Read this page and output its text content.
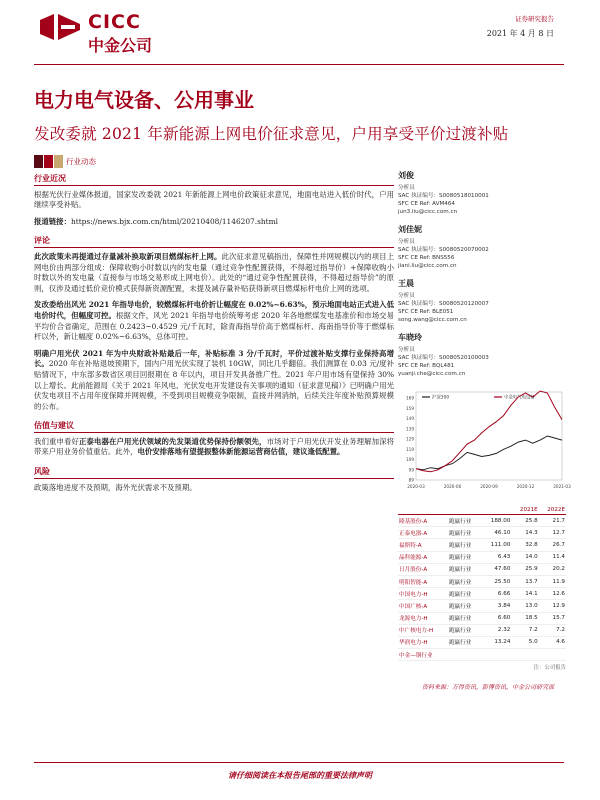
CICC
中金公司
证券研究报告
2021 年 4 月 8 日
电力电气设备、公用事业
发改委就 2021 年新能源上网电价征求意见，户用享受平价过渡补贴
行业动态
行业近况
根据光伏行业媒体报道，国家发改委就 2021 年新能源上网电价政策征求意见，地面电站进入低价时代，户用继续享受补贴。
报道链接：https://news.bjx.com.cn/html/20210408/1146207.shtml
评论
此次政策未再提通过存量减补换取新项目燃煤标杆上网。此次征求意见稿指出，保障性并网规模以内的项目上网电价由两部分组成：保障收购小时数以内的发电量（通过竞争性配置获得，不得超过指导价）+保障收购小时数以外的发电量（直接参与市场交易形成上网电价）。此处的“通过竞争性配置获得，不得超过指导价”的原则，仅涉及通过低价竞价模式获得新资源配置，未提及减存量补贴获得新项目燃煤标杆电价上网的选项。
发改委给出风光 2021 年指导电价，较燃煤标杆电价折让幅度在 0.02%~6.63%，预示地面电站正式进入低电价时代，但幅度可控。根据文件，风光 2021 年指导电价统筹考虑 2020 年各地燃煤发电基准价和市场交易平均价合省确定，范围在 0.2423~0.4529 元/千瓦时，除青海指导价高于燃煤标杆、海南指导价等于燃煤标杆以外，新让幅度 0.02%~6.63%，总体可控。
明确户用光伏 2021 年为中央财政补贴最后一年，补贴标准 3 分/千瓦时，平价过渡补贴支撑行业保持高增长。2020 年在补贴退坡预期下，国内户用光伏实现了装机 10GW，同比几乎翻倍。我们测算在 0.03 元/度补贴情况下，中东部多数省区项目回报期在 8 年以内，项目开发具备推广性。2021 年户用市场有望保持 30% 以上增长。此前能源局《关于 2021 年风电、光伏发电开发建设有关事项的通知（征求意见稿）》已明确户用光伏发电项目不占用年度保障并网规模，不受到项目规模竞争限制，直接并网消纳，后续关注年度补贴预算规模的公布。
估值与建议
我们重申看好正泰电器在户用光伏领域的先发渠道优势保持份额领先，市场对于户用光伏开发业务理解加深将带来户用业务价值重估。此外，电价安排落地有望提振整体新能源运营商估值，建议逢低配置。
风险
政策落地进度不及预期，海外光伏需求不及预期。
刘俊
分析员
SAC 执证编号：S0080518010001
SFC CE Ref: AVM464
jun3.liu@cicc.com.cn
刘佳妮
分析员
SAC 执证编号：S0080520070002
SFC CE Ref: BNS556
jiani.liu@cicc.com.cn
王晨
分析员
SAC 执证编号：S0080520120007
SFC CE Ref: BLE051
song.wang@cicc.com.cn
车晓玲
分析员
SAC 执证编号：S0080520100003
SFC CE Ref: BQL481
yuanji.che@cicc.com.cn
89
99
109
119
129
139
149
159
169
2020-03	2020-06	2020-09	2020-12	2021-03
沪深300	中金电气电设备
公司名称	评级	市值（亿元）	2021E	2022E
隆基股份-A	跑赢行业	188.00	25.8	21.7
正泰电器-A	跑赢行业	46.10	14.3	12.7
福斯特-A	跑赢行业	111.00	32.8	26.7
晶科能源-A	跑赢行业	6.43	14.0	11.4
日月股份-A	跑赢行业	47.60	25.9	20.2
明阳智能-A	跑赢行业	25.50	13.7	11.9
中国电力-H	跑赢行业	6.66	14.1	12.6
中国广核-A	跑赢行业	3.84	13.0	12.9
龙源电力-H	跑赢行业	6.60	18.5	15.7
中广核电力-H	跑赢行业	2.32	7.2	7.2
华润电力-H	跑赢行业	13.24	5.0	4.6
中金—钢行业				
注：公司报告
资料来源：万得资讯，彭博资讯，中金公司研究部
请仔细阅读在本报告尾部的重要法律声明
